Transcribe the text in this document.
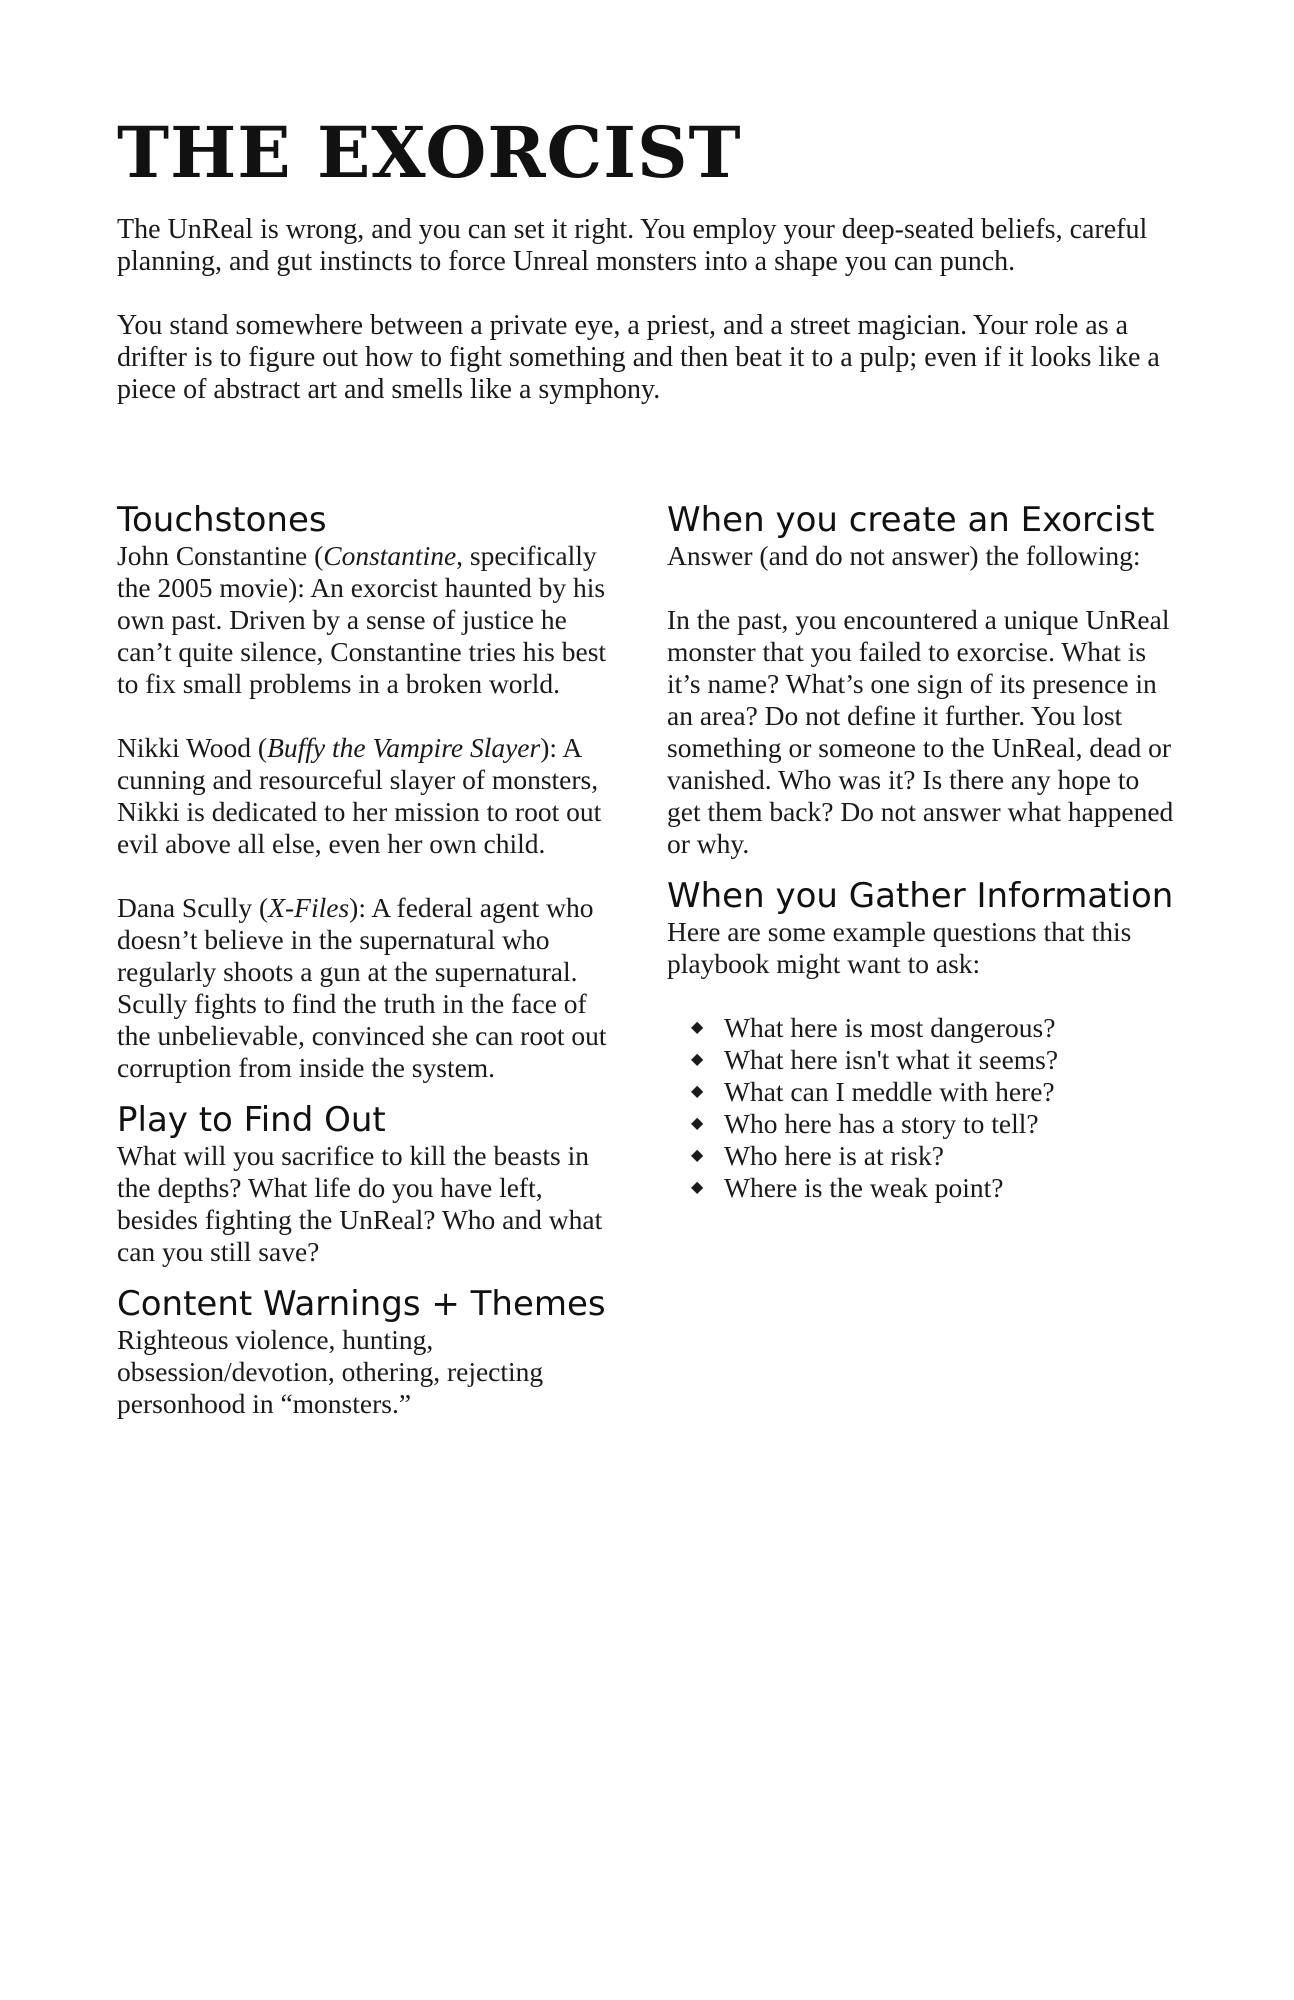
THE EXORCIST

The UnReal is wrong, and you can set it right. You employ your deep-seated beliefs, careful planning, and gut instincts to force Unreal monsters into a shape you can punch.

You stand somewhere between a private eye, a priest, and a street magician. Your role as a drifter is to figure out how to fight something and then beat it to a pulp; even if it looks like a piece of abstract art and smells like a symphony.

Touchstones

John Constantine (Constantine, specifically the 2005 movie): An exorcist haunted by his own past. Driven by a sense of justice he can’t quite silence, Constantine tries his best to fix small problems in a broken world.

Nikki Wood (Buffy the Vampire Slayer): A cunning and resourceful slayer of monsters, Nikki is dedicated to her mission to root out evil above all else, even her own child.

Dana Scully (X-Files): A federal agent who doesn’t believe in the supernatural who regularly shoots a gun at the supernatural. Scully fights to find the truth in the face of the unbelievable, convinced she can root out corruption from inside the system.

Play to Find Out

What will you sacrifice to kill the beasts in the depths? What life do you have left, besides fighting the UnReal? Who and what can you still save?

Content Warnings + Themes

Righteous violence, hunting, obsession/devotion, othering, rejecting personhood in “monsters.”

When you create an Exorcist

Answer (and do not answer) the following:

In the past, you encountered a unique UnReal monster that you failed to exorcise. What is it’s name? What’s one sign of its presence in an area? Do not define it further. You lost something or someone to the UnReal, dead or vanished. Who was it? Is there any hope to get them back? Do not answer what happened or why.

When you Gather Information

Here are some example questions that this playbook might want to ask:

◆ What here is most dangerous?
◆ What here isn't what it seems?
◆ What can I meddle with here?
◆ Who here has a story to tell?
◆ Who here is at risk?
◆ Where is the weak point?
